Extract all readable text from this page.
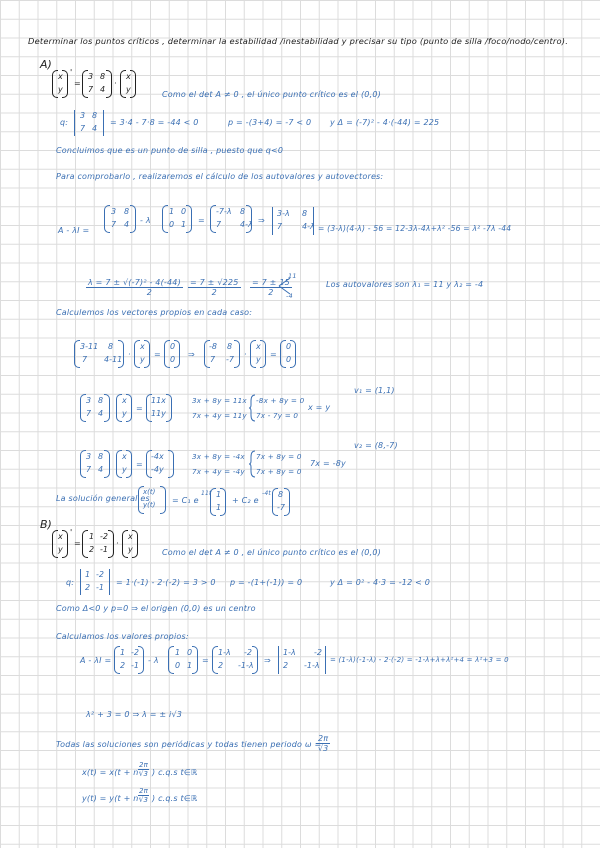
Determinar los puntos críticos , determinar la estabilidad /inestabilidad y precisar su tipo (punto de silla /foco/nodo/centro).
A)
x
y
'
=
3 8
7 4
·
x
y
Como el det A ≠ 0 , el único punto crítico es el (0,0)
q:
3 8
7 4
= 3·4 - 7·8 = -44 < 0	p = -(3+4) = -7 < 0 y Δ = (-7)² - 4·(-44) = 225
Concluimos que es un punto de silla , puesto que q<0
Para comprobarlo , realizaremos el cálculo de los autovalores y autovectores:
A - λI =
3 8
7 4 - λ
1 0
0 1 =
-7-λ 8
7 4-λ ⇒
3-λ 8
7 4-λ = (3-λ)(4-λ) - 56 = 12-3λ-4λ+λ² -56 = λ² -7λ -44
λ = 7 ± √(-7)² - 4(-44)
2
= 7 ± √225
2
= 7 ± 15
2
11
-4
Los autovalores son λ₁ = 11 y λ₂ = -4
Calculemos los vectores propios en cada caso:
3-11 8
7 4-11
·
x
y
=
0
0
⇒
-8 8
7 -7
·
x
y
=
0
0
v₁ = (1,1)
3 8
7 4
x
y
=
11x
11y
3x + 8y = 11x
7x + 4y = 11y
-8x + 8y = 0
7x - 7y = 0
x = y
v₂ = (8,-7)
3 8
7 4
x
y
=
-4x
-4y
3x + 8y = -4x
7x + 4y = -4y
7x + 8y = 0
7x + 8y = 0
7x = -8y
La solución general es
x(t)
y(t) = C₁ e
11t 1
1
+ C₂ e
-4t 8
-7
B)
x
y
'
=
1 -2
2 -1
·
x
y	Como el det A ≠ 0 , el único punto crítico es el (0,0)
q:
1 -2
2 -1
= 1·(-1) - 2·(-2) = 3 > 0 p = -(1+(-1)) = 0	y Δ = 0² - 4·3 = -12 < 0
Como Δ<0 y p=0 ⇒ el origen (0,0) es un centro
Calculamos los valores propios:
A - λI =
1 -2
2 -1
- λ
1 0
0 1
=
1-λ -2
2 -1-λ
⇒
1-λ -2
2 -1-λ
= (1-λ)(-1-λ) - 2·(-2) = -1-λ+λ+λ²+4 = λ²+3 = 0
λ² + 3 = 0 ⇒ λ = ± i√3
Todas las soluciones son periódicas y todas tienen periodo ω =
2π
√3
x(t) = x(t + n·
2π
√3 ) c.q.s t∈ℝ
y(t) = y(t + n·
2π
√3 ) c.q.s t∈ℝ
